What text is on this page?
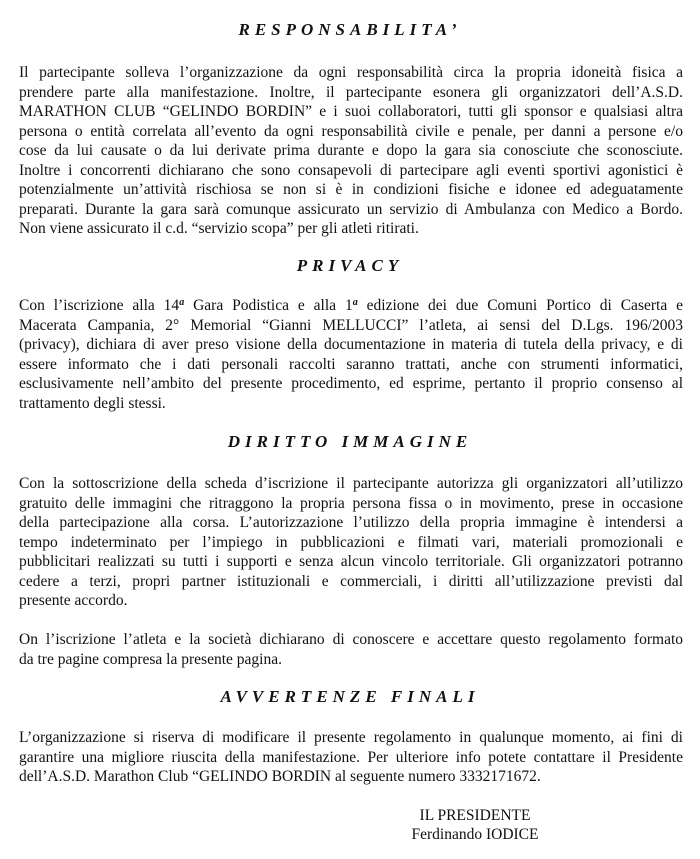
RESPONSABILITA’

Il partecipante solleva l’organizzazione da ogni responsabilità circa la propria idoneità fisica a
prendere parte alla manifestazione. Inoltre, il partecipante esonera gli organizzatori dell’A.S.D.
MARATHON CLUB “GELINDO BORDIN” e i suoi collaboratori, tutti gli sponsor e qualsiasi altra
persona o entità correlata all’evento da ogni responsabilità civile e penale, per danni a persone e/o
cose da lui causate o da lui derivate prima durante e dopo la gara sia conosciute che sconosciute.
Inoltre i concorrenti dichiarano che sono consapevoli di partecipare agli eventi sportivi agonistici è
potenzialmente un’attività rischiosa se non si è in condizioni fisiche e idonee ed adeguatamente
preparati. Durante la gara sarà comunque assicurato un servizio di Ambulanza con Medico a Bordo.
Non viene assicurato il c.d. “servizio scopa” per gli atleti ritirati.

PRIVACY

Con l’iscrizione alla 14$^a$ Gara Podistica e alla 1$^a$ edizione dei due Comuni Portico di Caserta e
Macerata Campania, 2° Memorial “Gianni MELLUCCI” l’atleta, ai sensi del D.Lgs. 196/2003
(privacy), dichiara di aver preso visione della documentazione in materia di tutela della privacy, e di
essere informato che i dati personali raccolti saranno trattati, anche con strumenti informatici,
esclusivamente nell’ambito del presente procedimento, ed esprime, pertanto il proprio consenso al
trattamento degli stessi.

DIRITTO IMMAGINE

Con la sottoscrizione della scheda d’iscrizione il partecipante autorizza gli organizzatori all’utilizzo
gratuito delle immagini che ritraggono la propria persona fissa o in movimento, prese in occasione
della partecipazione alla corsa. L’autorizzazione l’utilizzo della propria immagine è intendersi a
tempo indeterminato per l’impiego in pubblicazioni e filmati vari, materiali promozionali e
pubblicitari realizzati su tutti i supporti e senza alcun vincolo territoriale. Gli organizzatori potranno
cedere a terzi, propri partner istituzionali e commerciali, i diritti all’utilizzazione previsti dal
presente accordo.

On l’iscrizione l’atleta e la società dichiarano di conoscere e accettare questo regolamento formato
da tre pagine compresa la presente pagina.

AVVERTENZE FINALI

L’organizzazione si riserva di modificare il presente regolamento in qualunque momento, ai fini di
garantire una migliore riuscita della manifestazione. Per ulteriore info potete contattare il Presidente
dell’A.S.D. Marathon Club “GELINDO BORDIN al seguente numero 3332171672.

IL PRESIDENTE
Ferdinando IODICE
